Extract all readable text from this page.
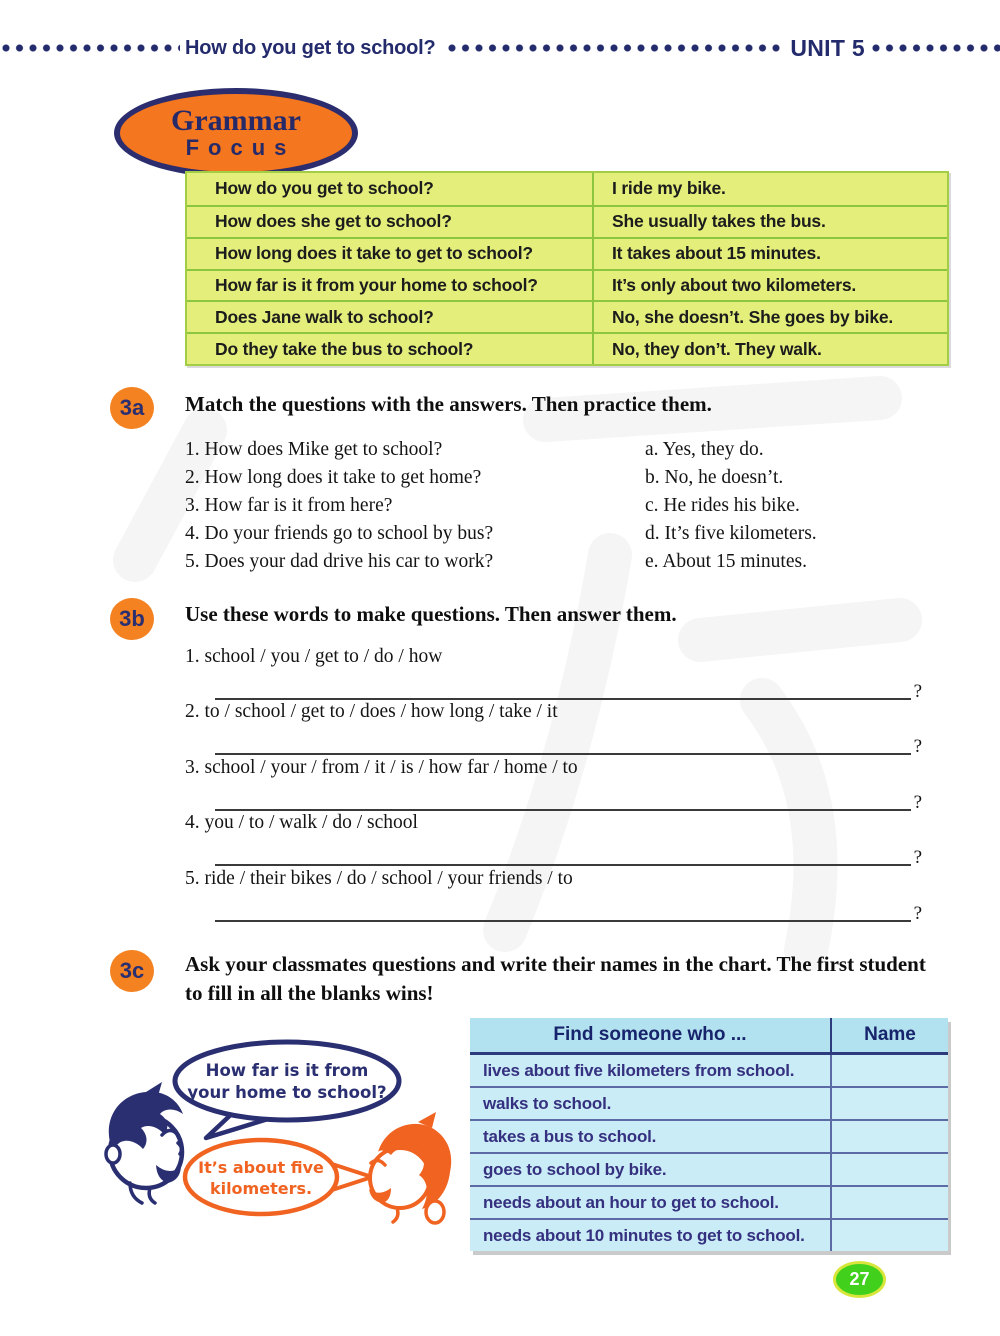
How do you get to school?	UNIT 5
Grammar
Focus
How do you get to school?	I ride my bike.
How does she get to school?	She usually takes the bus.
How long does it take to get to school?	It takes about 15 minutes.
How far is it from your home to school?	It’s only about two kilometers.
Does Jane walk to school?	No, she doesn’t. She goes by bike.
Do they take the bus to school?	No, they don’t. They walk.
3a	Match the questions with the answers. Then practice them.
1. How does Mike get to school?
2. How long does it take to get home?
3. How far is it from here?
4. Do your friends go to school by bus?
5. Does your dad drive his car to work?
a. Yes, they do.
b. No, he doesn’t.
c. He rides his bike.
d. It’s five kilometers.
e. About 15 minutes.
3b	Use these words to make questions. Then answer them.
1. school / you / get to / do / how
?
2. to / school / get to / does / how long / take / it
?
3. school / your / from / it / is / how far / home / to
?
4. you / to / walk / do / school
?
5. ride / their bikes / do / school / your friends / to
?
3c	Ask your classmates questions and write their names in the chart. The first student to fill in all the blanks wins!
How far is it from
your home to school?
It’s about five
kilometers.
Find someone who ...	Name
lives about five kilometers from school.
walks to school.
takes a bus to school.
goes to school by bike.
needs about an hour to get to school.
needs about 10 minutes to get to school.
27
